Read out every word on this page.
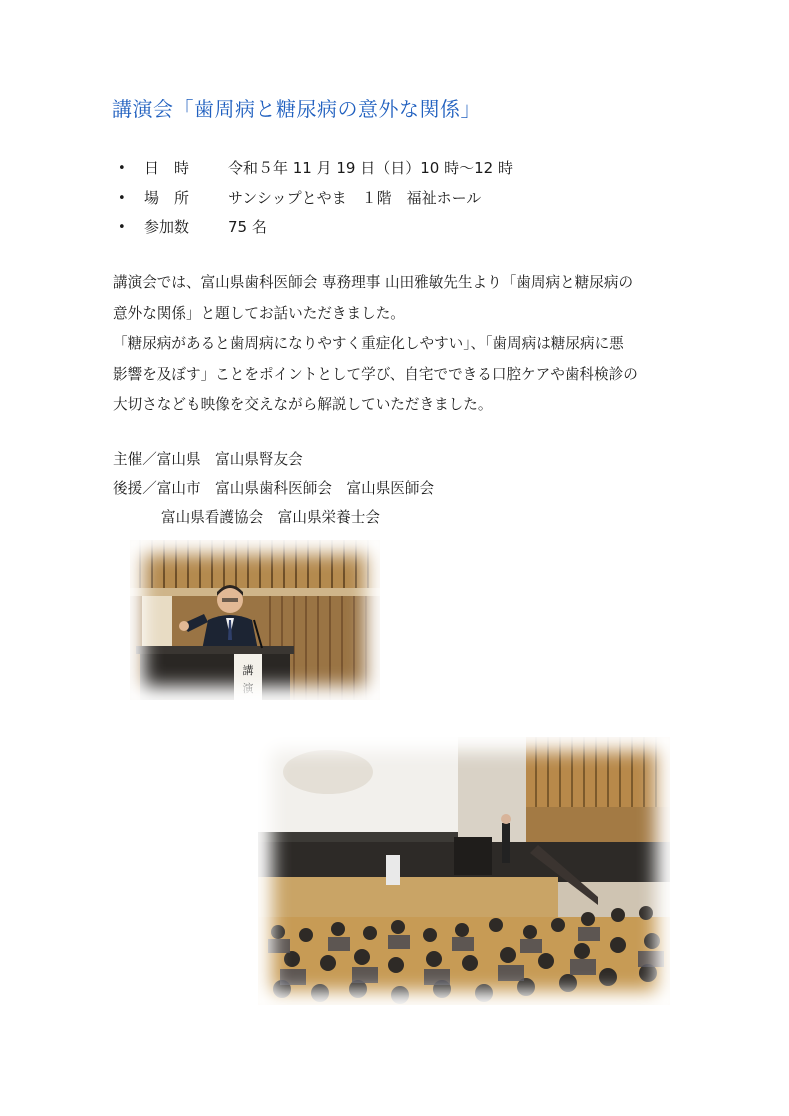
講演会「歯周病と糖尿病の意外な関係」
•	日　時	令和５年 11 月 19 日（日）10 時～12 時
•	場　所	サンシップとやま　１階　福祉ホール
•	参加数	75 名
講演会では、富山県歯科医師会 専務理事 山田雅敏先生より「歯周病と糖尿病の
意外な関係」と題してお話いただきました。
「糖尿病があると歯周病になりやすく重症化しやすい」、「歯周病は糖尿病に悪
影響を及ぼす」ことをポイントとして学び、自宅でできる口腔ケアや歯科検診の
大切さなども映像を交えながら解説していただきました。
主催／富山県　富山県腎友会
後援／富山市　富山県歯科医師会　富山県医師会
富山県看護協会　富山県栄養士会
講
演
